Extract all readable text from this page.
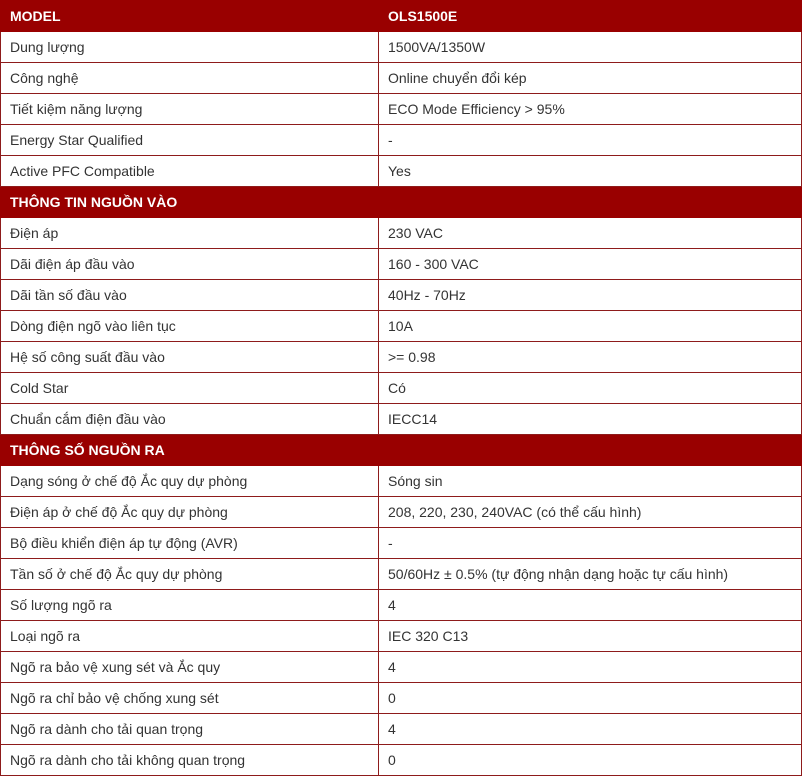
MODEL	OLS1500E
Dung lượng	1500VA/1350W
Công nghệ	Online chuyển đổi kép
Tiết kiệm năng lượng	ECO Mode Efficiency > 95%
Energy Star Qualified	-
Active PFC Compatible	Yes
THÔNG TIN NGUỒN VÀO	
Điện áp	230 VAC
Dãi điện áp đầu vào	160 - 300 VAC
Dãi tần số đầu vào	40Hz - 70Hz
Dòng điện ngõ vào liên tục	10A
Hệ số công suất đầu vào	>= 0.98
Cold Star	Có
Chuẩn cắm điện đầu vào	IECC14
THÔNG SỐ NGUỒN RA	
Dạng sóng ở chế độ Ắc quy dự phòng	Sóng sin
Điện áp ở chế độ Ắc quy dự phòng	208, 220, 230, 240VAC (có thể cấu hình)
Bộ điều khiển điện áp tự động (AVR)	-
Tần số ở chế độ Ắc quy dự phòng	50/60Hz ± 0.5% (tự động nhận dạng hoặc tự cấu hình)
Số lượng ngõ ra	4
Loại ngõ ra	IEC 320 C13
Ngõ ra bảo vệ xung sét và Ắc quy	4
Ngõ ra chỉ bảo vệ chống xung sét	0
Ngõ ra dành cho tải quan trọng	4
Ngõ ra dành cho tải không quan trọng	0
